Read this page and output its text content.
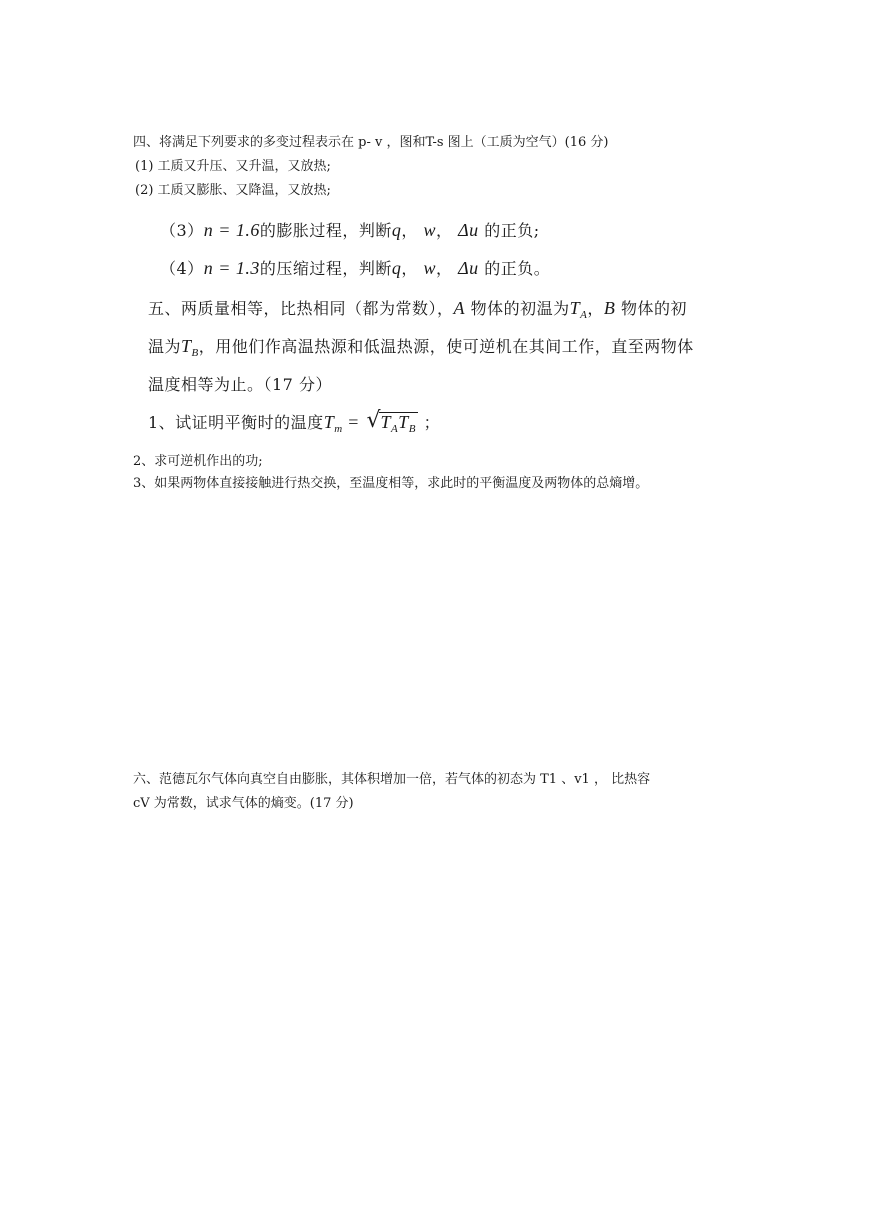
四、将满足下列要求的多变过程表示在 p- v ，图和T-s 图上（工质为空气）(16 分)

(1) 工质又升压、又升温，又放热;

(2) 工质又膨胀、又降温，又放热;

（3）n = 1.6的膨胀过程，判断q， w， Δu 的正负;

（4）n = 1.3的压缩过程，判断q， w， Δu 的正负。

五、两质量相等，比热相同（都为常数），A 物体的初温为$T_A$，B 物体的初

温为$T_B$，用他们作高温热源和低温热源，使可逆机在其间工作，直至两物体

温度相等为止。（17 分）

1、试证明平衡时的温度$T_m$ = √ $T_AT_B$ ；

2、求可逆机作出的功;

3、如果两物体直接接触进行热交换，至温度相等，求此时的平衡温度及两物体的总熵增。

六、范德瓦尔气体向真空自由膨胀，其体积增加一倍，若气体的初态为 T1 、v1 ， 比热容

cV 为常数，试求气体的熵变。(17 分)
